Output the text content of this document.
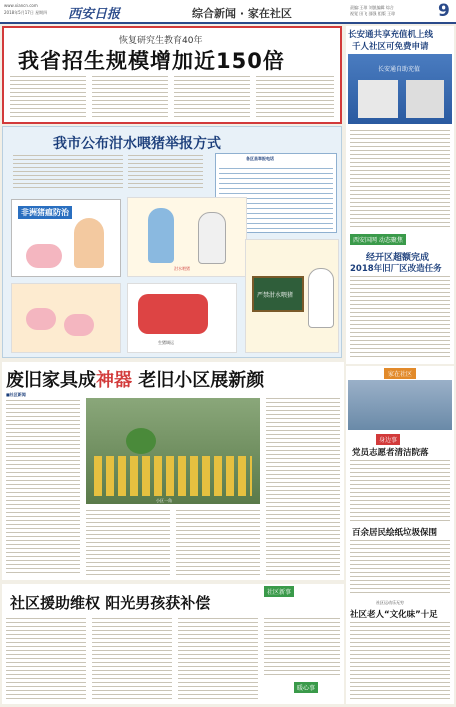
www.xiancn.com
2018年5月17日 星期四 西安日报	综合新闻 · 家在社区	责编:王琼 刘凯编辑 综合
视觉 田飞 邵强 组版 王琼	9
恢复研究生教育40年
我省招生规模增加近150倍
我市公布泔水喂猪举报方式
各区县举报电话
非洲猪瘟防治
泔水喂猪
生猪调运
严禁泔水喂猪
长安通共享充值机上线
千人社区可免费申请
长安通自助充值
西安国网 动态聚焦
经开区超额完成
2018年旧厂区改造任务
废旧家具成神器 老旧小区展新颜
■社区新闻
小区一角
家在社区
身边事
党员志愿者清洁院落
百余居民绘纸垃圾保围
社区运动乐无穷
社区老人“文化味”十足
社区援助维权 阳光男孩获补偿
社区新事
暖心事
